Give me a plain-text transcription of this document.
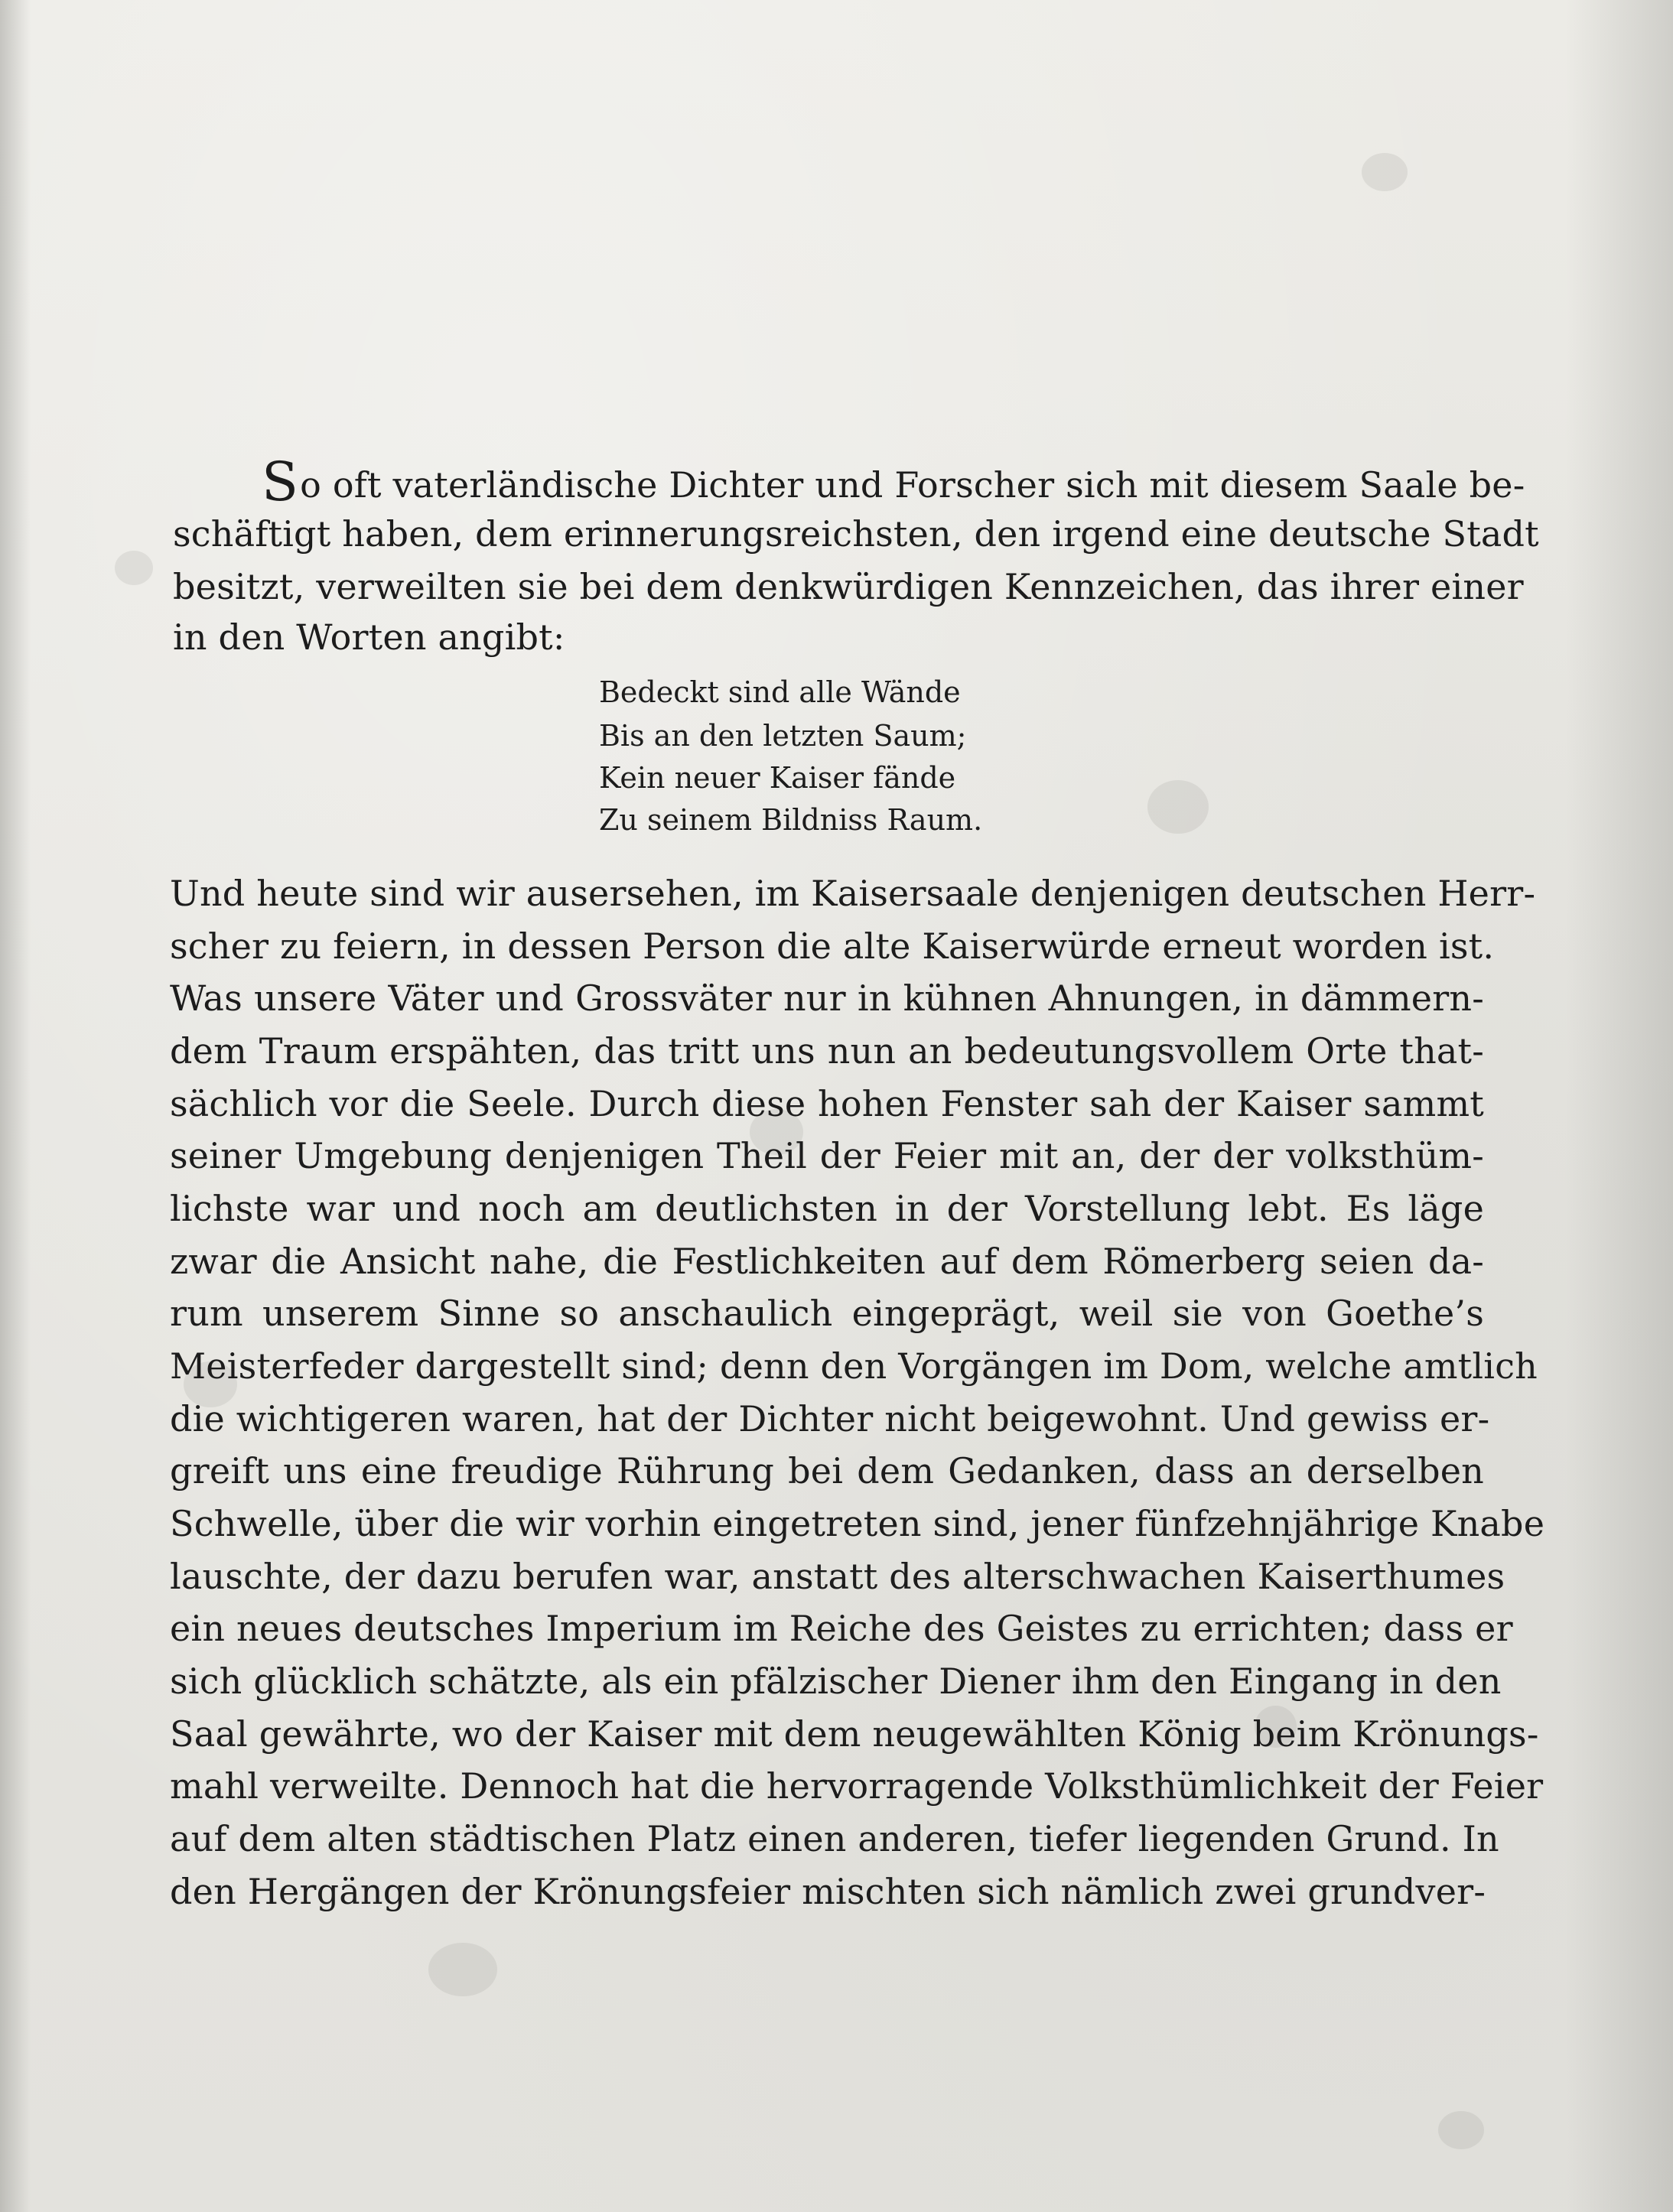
So oft vaterländische Dichter und Forscher sich mit diesem Saale be-
schäftigt haben, dem erinnerungsreichsten, den irgend eine deutsche Stadt
besitzt, verweilten sie bei dem denkwürdigen Kennzeichen, das ihrer einer
in den Worten angibt:
Bedeckt sind alle Wände
Bis an den letzten Saum;
Kein neuer Kaiser fände
Zu seinem Bildniss Raum.
Und heute sind wir ausersehen, im Kaisersaale denjenigen deutschen Herr-
scher zu feiern, in dessen Person die alte Kaiserwürde erneut worden ist.
Was unsere Väter und Grossväter nur in kühnen Ahnungen, in dämmern-
dem Traum erspähten, das tritt uns nun an bedeutungsvollem Orte that-
sächlich vor die Seele. Durch diese hohen Fenster sah der Kaiser sammt
seiner Umgebung denjenigen Theil der Feier mit an, der der volksthüm-
lichste war und noch am deutlichsten in der Vorstellung lebt. Es läge
zwar die Ansicht nahe, die Festlichkeiten auf dem Römerberg seien da-
rum unserem Sinne so anschaulich eingeprägt, weil sie von Goethe’s
Meisterfeder dargestellt sind; denn den Vorgängen im Dom, welche amtlich
die wichtigeren waren, hat der Dichter nicht beigewohnt. Und gewiss er-
greift uns eine freudige Rührung bei dem Gedanken, dass an derselben
Schwelle, über die wir vorhin eingetreten sind, jener fünfzehnjährige Knabe
lauschte, der dazu berufen war, anstatt des alterschwachen Kaiserthumes
ein neues deutsches Imperium im Reiche des Geistes zu errichten; dass er
sich glücklich schätzte, als ein pfälzischer Diener ihm den Eingang in den
Saal gewährte, wo der Kaiser mit dem neugewählten König beim Krönungs-
mahl verweilte. Dennoch hat die hervorragende Volksthümlichkeit der Feier
auf dem alten städtischen Platz einen anderen, tiefer liegenden Grund. In
den Hergängen der Krönungsfeier mischten sich nämlich zwei grundver-
